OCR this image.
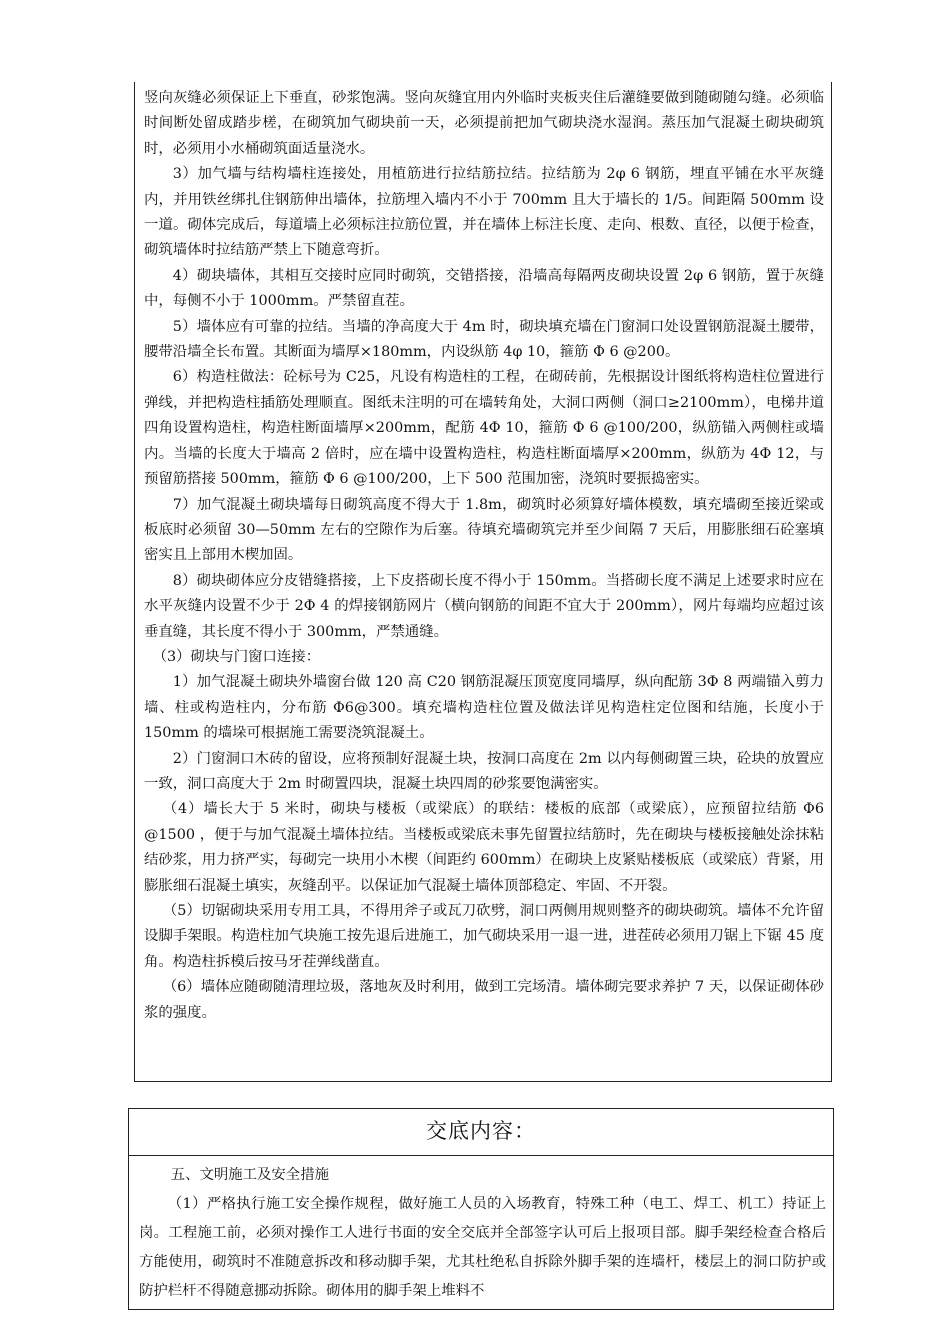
竖向灰缝必须保证上下垂直，砂浆饱满。竖向灰缝宜用内外临时夹板夹住后灌缝要做到随砌随勾缝。必须临时间断处留成踏步槎，在砌筑加气砌块前一天，必须提前把加气砌块浇水湿润。蒸压加气混凝土砌块砌筑时，必须用小水桶砌筑面适量浇水。

3）加气墙与结构墙柱连接处，用植筋进行拉结筋拉结。拉结筋为 2φ 6 钢筋，埋直平铺在水平灰缝内，并用铁丝绑扎住钢筋伸出墙体，拉筋埋入墙内不小于 700mm 且大于墙长的 1/5。间距隔 500mm 设一道。砌体完成后，每道墙上必须标注拉筋位置，并在墙体上标注长度、走向、根数、直径，以便于检查，砌筑墙体时拉结筋严禁上下随意弯折。

4）砌块墙体，其相互交接时应同时砌筑，交错搭接，沿墙高每隔两皮砌块设置 2φ 6 钢筋，置于灰缝中，每侧不小于 1000mm。严禁留直茬。

5）墙体应有可靠的拉结。当墙的净高度大于 4m 时，砌块填充墙在门窗洞口处设置钢筋混凝土腰带，腰带沿墙全长布置。其断面为墙厚×180mm，内设纵筋 4φ 10，箍筋 Φ 6 @200。

6）构造柱做法：砼标号为 C25，凡设有构造柱的工程，在砌砖前，先根据设计图纸将构造柱位置进行弹线，并把构造柱插筋处理顺直。图纸未注明的可在墙转角处，大洞口两侧（洞口≥2100mm），电梯井道四角设置构造柱，构造柱断面墙厚×200mm，配筋 4Φ 10，箍筋 Φ 6 @100/200，纵筋锚入两侧柱或墙内。当墙的长度大于墙高 2 倍时，应在墙中设置构造柱，构造柱断面墙厚×200mm，纵筋为 4Φ 12，与预留筋搭接 500mm，箍筋 Φ 6 @100/200，上下 500 范围加密，浇筑时要振捣密实。

7）加气混凝土砌块墙每日砌筑高度不得大于 1.8m，砌筑时必须算好墙体模数，填充墙砌至接近梁或板底时必须留 30—50mm 左右的空隙作为后塞。待填充墙砌筑完并至少间隔 7 天后，用膨胀细石砼塞填密实且上部用木楔加固。

8）砌块砌体应分皮错缝搭接，上下皮搭砌长度不得小于 150mm。当搭砌长度不满足上述要求时应在水平灰缝内设置不少于 2Φ 4 的焊接钢筋网片（横向钢筋的间距不宜大于 200mm），网片每端均应超过该垂直缝，其长度不得小于 300mm，严禁通缝。

（3）砌块与门窗口连接：

1）加气混凝土砌块外墙窗台做 120 高 C20 钢筋混凝压顶宽度同墙厚，纵向配筋 3Φ 8 两端锚入剪力墙、柱或构造柱内，分布筋 Φ6@300。填充墙构造柱位置及做法详见构造柱定位图和结施，长度小于 150mm 的墙垛可根据施工需要浇筑混凝土。

2）门窗洞口木砖的留设，应将预制好混凝土块，按洞口高度在 2m 以内每侧砌置三块，砼块的放置应一致，洞口高度大于 2m 时砌置四块，混凝土块四周的砂浆要饱满密实。

（4）墙长大于 5 米时，砌块与楼板（或梁底）的联结：楼板的底部（或梁底），应预留拉结筋 Φ6 @1500 ，便于与加气混凝土墙体拉结。当楼板或梁底未事先留置拉结筋时，先在砌块与楼板接触处涂抹粘结砂浆，用力挤严实，每砌完一块用小木楔（间距约 600mm）在砌块上皮紧贴楼板底（或梁底）背紧，用膨胀细石混凝土填实，灰缝刮平。以保证加气混凝土墙体顶部稳定、牢固、不开裂。

（5）切锯砌块采用专用工具，不得用斧子或瓦刀砍劈，洞口两侧用规则整齐的砌块砌筑。墙体不允许留设脚手架眼。构造柱加气块施工按先退后进施工，加气砌块采用一退一进，进茬砖必须用刀锯上下锯 45 度角。构造柱拆模后按马牙茬弹线凿直。

（6）墙体应随砌随清理垃圾，落地灰及时利用，做到工完场清。墙体砌完要求养护 7 天，以保证砌体砂浆的强度。

交底内容：

五、文明施工及安全措施

（1）严格执行施工安全操作规程，做好施工人员的入场教育，特殊工种（电工、焊工、机工）持证上岗。工程施工前，必须对操作工人进行书面的安全交底并全部签字认可后上报项目部。脚手架经检查合格后方能使用，砌筑时不准随意拆改和移动脚手架，尤其杜绝私自拆除外脚手架的连墙杆，楼层上的洞口防护或防护栏杆不得随意挪动拆除。砌体用的脚手架上堆料不
